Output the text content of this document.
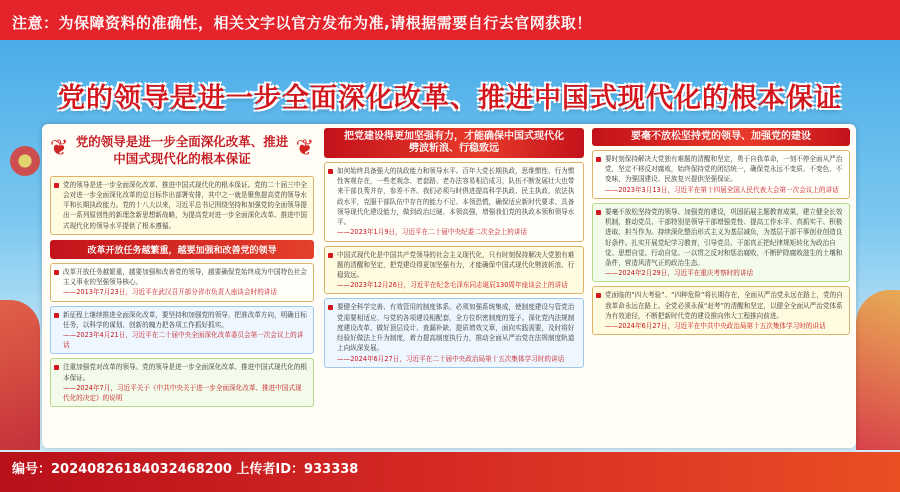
注意：为保障资料的准确性，相关文字以官方发布为准,请根据需要自行去官网获取！
党的领导是进一步全面深化改革、推进中国式现代化的根本保证
❦ 党的领导是进一步全面深化改革、推进
中国式现代化的根本保证	❦
党的领导是进一步全面深化改革、推进中国式现代化的根本保证。党的二十届三中全会对进一步全面深化改革的总目标作出部署安排，其中之一就是聚焦提高党的领导水平和长期执政能力。党的十八大以来，习近平总书记围绕坚持和加强党的全面领导提出一系列原创性的新理念新思想新战略，为提高党对进一步全面深化改革、推进中国式现代化的领导水平提供了根本遵循。
改革开放任务越繁重，越要加强和改善党的领导
改革开放任务越繁重，越要加强和改善党的领导，越要确保党始终成为中国特色社会主义事业的坚强领导核心。
——2013年7月23日，习近平在武汉召开部分省市负责人座谈会时的讲话
新征程上继续推进全面深化改革，要坚持和加强党的领导，把准改革方向，明确目标任务，以科学的谋划、创新的魄力把各项工作抓好抓实。
——2023年4月21日，习近平在二十届中央全面深化改革委员会第一次会议上的讲话
注重加强党对改革的领导。党的领导是进一步全面深化改革、推进中国式现代化的根本保证。
——2024年7月，习近平关于《中共中央关于进一步全面深化改革、推进中国式现代化的决定》的说明
把党建设得更加坚强有力，才能确保中国式现代化
劈波斩浪、行稳致远
如何始终具备强大的执政能力和领导水平。百年大党长期执政，思维惯性、行为惯性客观存在，一些老观念、老套路、老办法容易相沿成习，队伍不断发展壮大也带来干部良莠并存，参差不齐。我们必须与时俱进提高科学执政、民主执政、依法执政水平，克服干部队伍中存在的能力不足、本领恐慌，确保适应新时代要求、具备领导现代化建设能力，做到政治过硬、本领高强，增强我们党的执政本领和领导水平。
——2023年1月9日，习近平在二十届中央纪委二次全会上的讲话
中国式现代化是中国共产党领导的社会主义现代化，只有时刻保持解决大党独有难题的清醒和坚定，把党建设得更加坚强有力，才能确保中国式现代化劈波斩浪、行稳致远。
——2023年12月26日，习近平在纪念毛泽东同志诞辰130周年座谈会上的讲话
要健全科学完善、有效管用的制度体系。必须加强系统集成，使制度建设与管党治党需要相适应、与党的各项建设相配套，全方位织密制度的笼子。深化党内法规制度建设改革，做好顶层设计、查漏补缺、提质增效文章，面向实践需要，及时将好经验好做法上升为制度，着力提高制度执行力，推动全面从严治党在法规制度轨道上向纵深发展。
——2024年6月27日，习近平在二十届中央政治局第十五次集体学习时的讲话
要毫不放松坚持党的领导、加强党的建设
要时刻保持解决大党独有难题的清醒和坚定，勇于自我革命，一刻不停全面从严治党，坚定不移反对腐败，始终保持党的团结统一，确保党永远不变质、不变色、不变味，为强国建设、民族复兴提供坚强保证。
——2023年3月13日，习近平在第十四届全国人民代表大会第一次会议上的讲话
要毫不放松坚持党的领导、加强党的建设，巩固拓展主题教育成果，建立健全长效机制，推动党员、干部特别是领导干部增强党性、提高工作水平、真抓实干、积极进取、担当作为。持续深化整治形式主义为基层减负，为基层干部干事创业创造良好条件。扎实开展党纪学习教育，引导党员、干部真正把纪律规矩转化为政治自觉、思想自觉、行动自觉。一以贯之反对和惩治腐败，不断铲除腐败滋生的土壤和条件，营造风清气正的政治生态。
——2024年2月29日，习近平在重庆考察时的讲话
党面临的“四大考验”、“四种危险”将长期存在，全面从严治党永远在路上，党的自我革命永远在路上。全党必须永葆“赶考”的清醒和坚定，以健全全面从严治党体系为有效途径，不断把新时代党的建设推向伟大工程推向前进。
——2024年6月27日，习近平在中共中央政治局第十五次集体学习时的讲话
编号：20240826184032468200 上传者ID：933338
